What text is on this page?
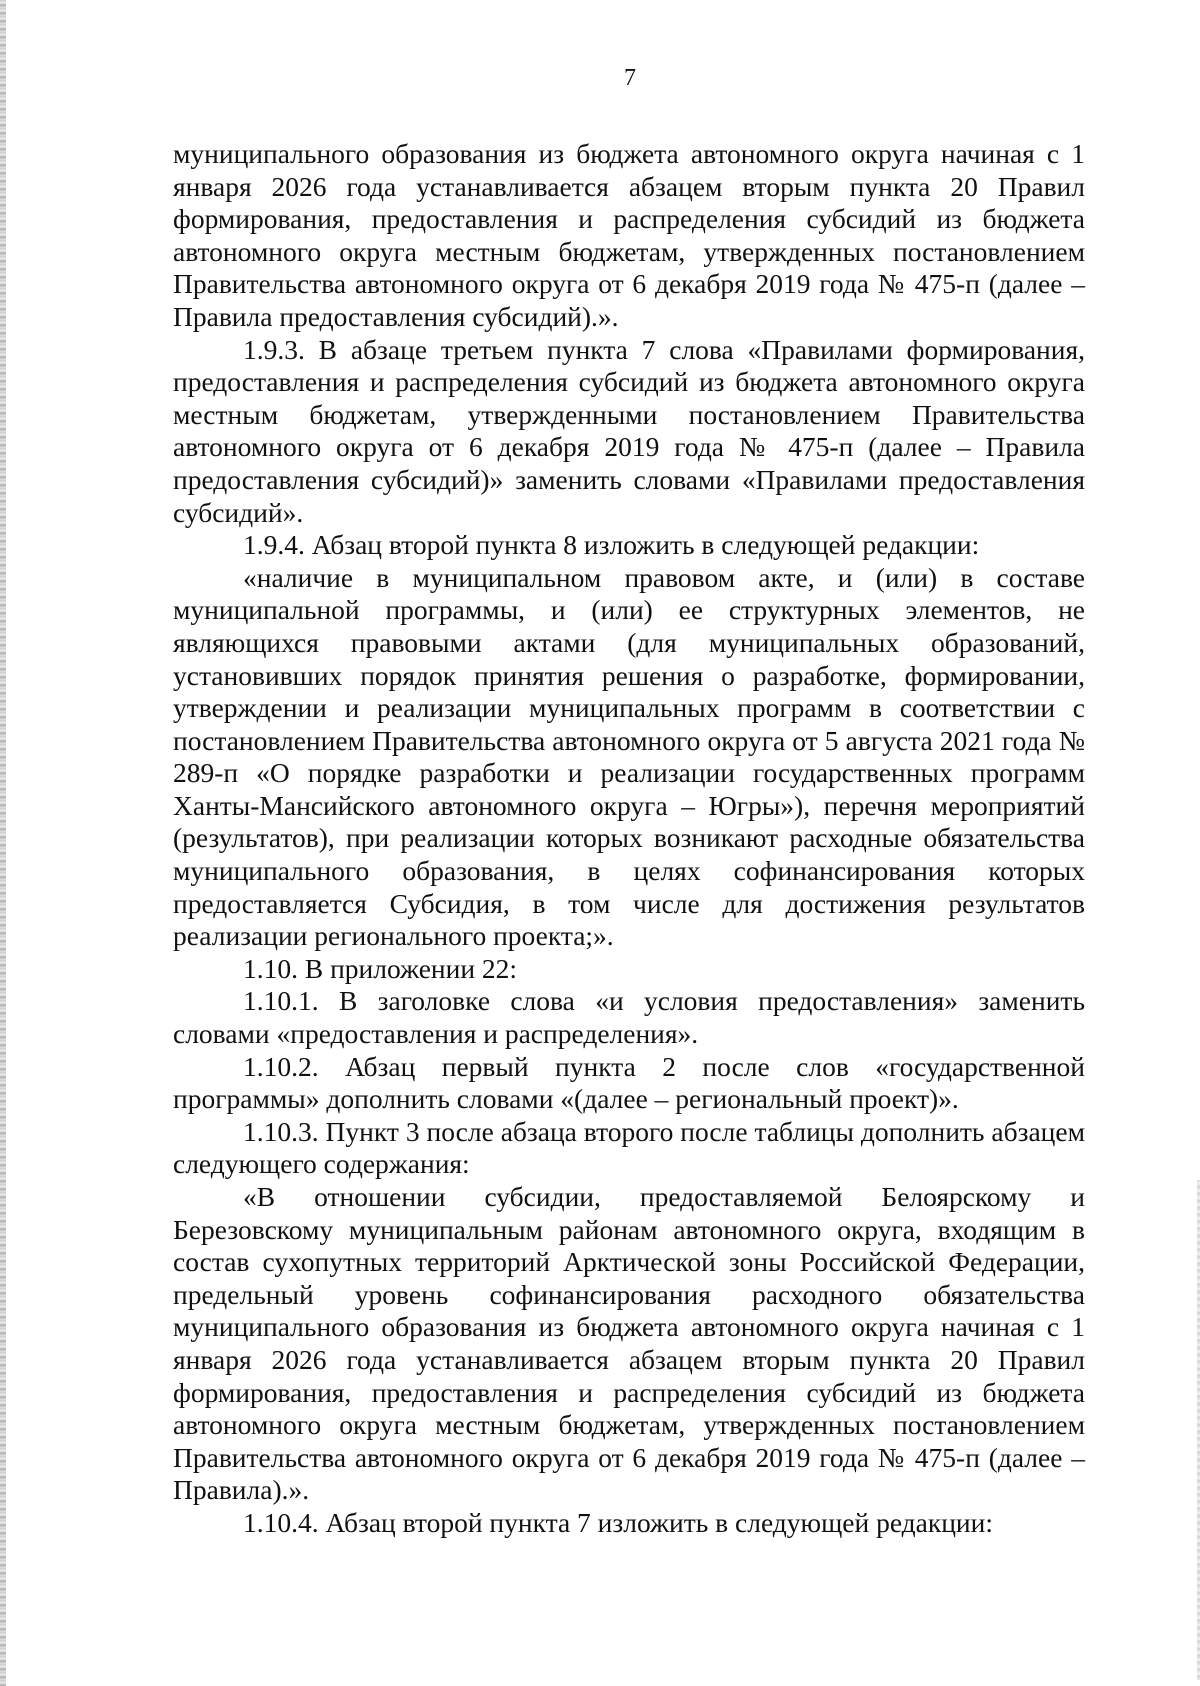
7

муниципального образования из бюджета автономного округа начиная с 1 января 2026 года устанавливается абзацем вторым пункта 20 Правил формирования, предоставления и распределения субсидий из бюджета автономного округа местным бюджетам, утвержденных постановлением Правительства автономного округа от 6 декабря 2019 года № 475-п (далее – Правила предоставления субсидий).».

1.9.3. В абзаце третьем пункта 7 слова «Правилами формирования, предоставления и распределения субсидий из бюджета автономного округа местным бюджетам, утвержденными постановлением Правительства автономного округа от 6 декабря 2019 года № 475-п (далее – Правила предоставления субсидий)» заменить словами «Правилами предоставления субсидий».

1.9.4. Абзац второй пункта 8 изложить в следующей редакции:

«наличие в муниципальном правовом акте, и (или) в составе муниципальной программы, и (или) ее структурных элементов, не являющихся правовыми актами (для муниципальных образований, установивших порядок принятия решения о разработке, формировании, утверждении и реализации муниципальных программ в соответствии с постановлением Правительства автономного округа от 5 августа 2021 года № 289-п «О порядке разработки и реализации государственных программ Ханты-Мансийского автономного округа – Югры»), перечня мероприятий (результатов), при реализации которых возникают расходные обязательства муниципального образования, в целях софинансирования которых предоставляется Субсидия, в том числе для достижения результатов реализации регионального проекта;».

1.10. В приложении 22:

1.10.1. В заголовке слова «и условия предоставления» заменить словами «предоставления и распределения».

1.10.2. Абзац первый пункта 2 после слов «государственной программы» дополнить словами «(далее – региональный проект)».

1.10.3. Пункт 3 после абзаца второго после таблицы дополнить абзацем следующего содержания:

«В отношении субсидии, предоставляемой Белоярскому и Березовскому муниципальным районам автономного округа, входящим в состав сухопутных территорий Арктической зоны Российской Федерации, предельный уровень софинансирования расходного обязательства муниципального образования из бюджета автономного округа начиная с 1 января 2026 года устанавливается абзацем вторым пункта 20 Правил формирования, предоставления и распределения субсидий из бюджета автономного округа местным бюджетам, утвержденных постановлением Правительства автономного округа от 6 декабря 2019 года № 475-п (далее – Правила).».

1.10.4. Абзац второй пункта 7 изложить в следующей редакции:
